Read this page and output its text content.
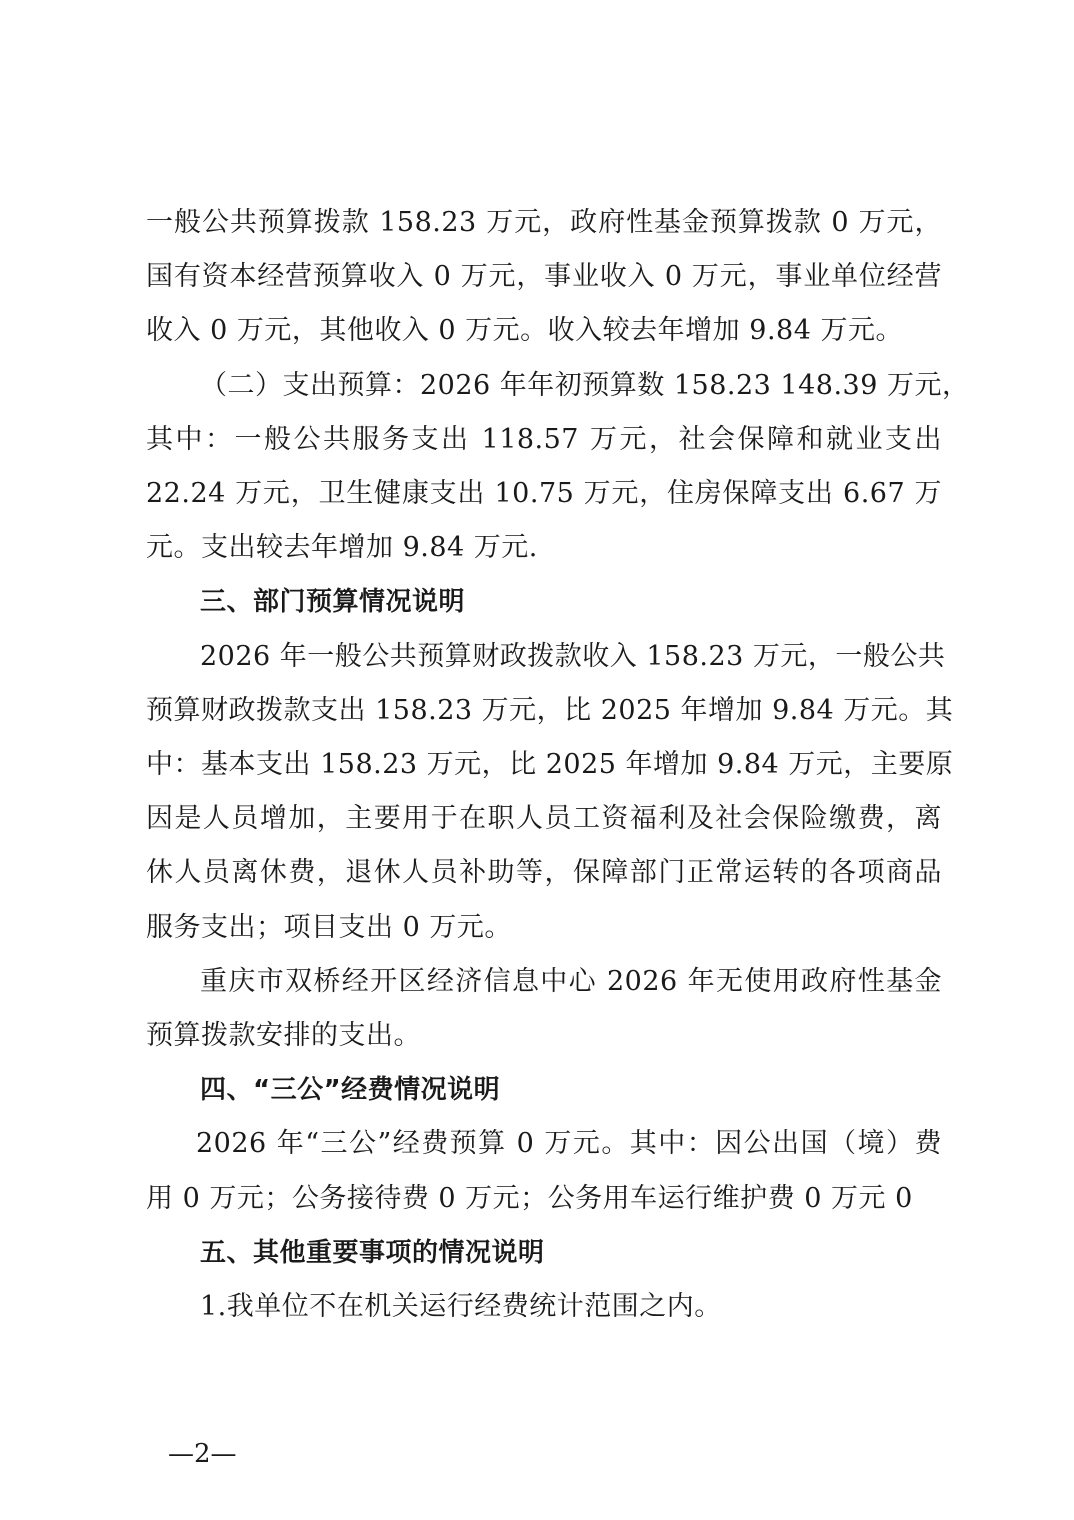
一般公共预算拨款 158.23 万元，政府性基金预算拨款 0 万元，
国有资本经营预算收入 0 万元，事业收入 0 万元，事业单位经营
收入 0 万元，其他收入 0 万元。收入较去年增加 9.84 万元。
（二）支出预算：2026 年年初预算数 158.23 148.39 万元，
其中：一般公共服务支出 118.57 万元，社会保障和就业支出
22.24 万元，卫生健康支出 10.75 万元，住房保障支出 6.67 万
元。支出较去年增加 9.84 万元.
三、部门预算情况说明
2026 年一般公共预算财政拨款收入 158.23 万元，一般公共
预算财政拨款支出 158.23 万元，比 2025 年增加 9.84 万元。其
中：基本支出 158.23 万元，比 2025 年增加 9.84 万元，主要原
因是人员增加，主要用于在职人员工资福利及社会保险缴费，离
休人员离休费，退休人员补助等，保障部门正常运转的各项商品
服务支出；项目支出 0 万元。
重庆市双桥经开区经济信息中心 2026 年无使用政府性基金
预算拨款安排的支出。
四、“三公”经费情况说明
2026 年“三公”经费预算 0 万元。其中：因公出国（境）费
用 0 万元；公务接待费 0 万元；公务用车运行维护费 0 万元 0
五、其他重要事项的情况说明
1.我单位不在机关运行经费统计范围之内。
—2—
